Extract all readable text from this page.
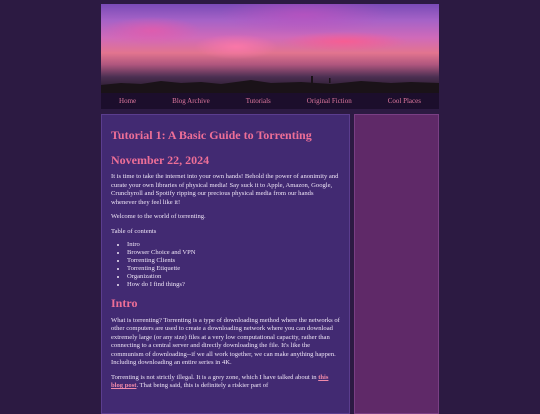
Home	Blog Archive	Tutorials	Original Fiction	Cool Places
Tutorial 1: A Basic Guide to Torrenting
November 22, 2024

It is time to take the internet into your own hands! Behold the power of anonimity and curate your own libraries of physical media! Say suck it to Apple, Amazon, Google, Crunchyroll and Spotify ripping our precious physical media from our hands whenever they feel like it!

Welcome to the world of torrenting.

Table of contents

• Intro
• Browser Choice and VPN
• Torrenting Clients
• Torrenting Etiquette
• Organization
• How do I find things?
Intro

What is torrenting? Torrenting is a type of downloading method where the networks of other computers are used to create a downloading network where you can download extremely large (or any size) files at a very low computational capacity, rather than connecting to a central server and directly downloading the file. It's like the communism of downloading--if we all work together, we can make anything happen. Including downloading an entire series in 4K.

Torrenting is not strictly illegal. It is a grey zone, which I have talked about in this blog post. That being said, this is definitely a riskier part of
